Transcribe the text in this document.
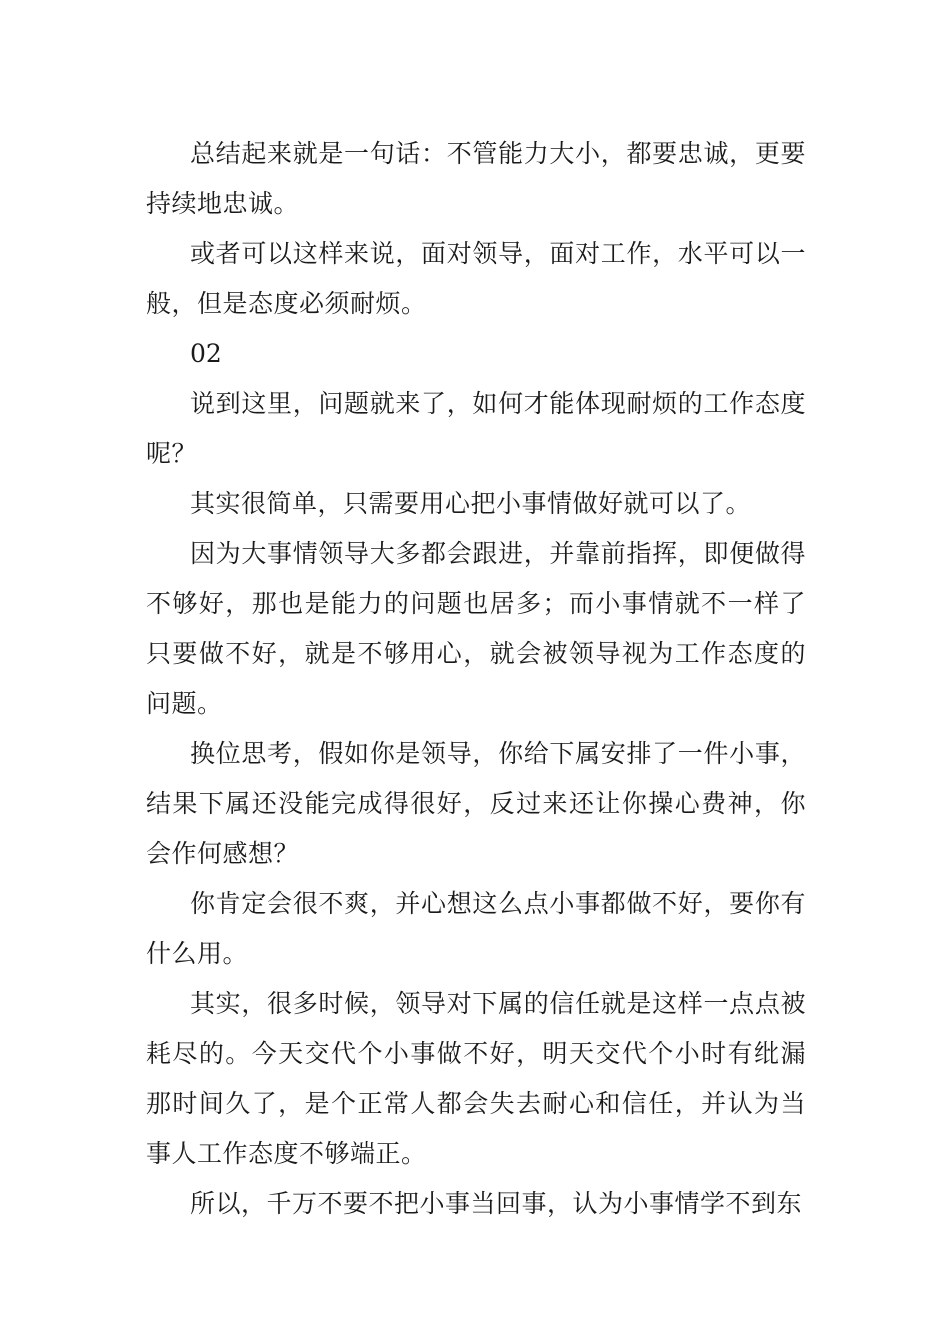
总结起来就是一句话：不管能力大小，都要忠诚，更要持续地忠诚。

或者可以这样来说，面对领导，面对工作，水平可以一般，但是态度必须耐烦。

02

说到这里，问题就来了，如何才能体现耐烦的工作态度呢？

其实很简单，只需要用心把小事情做好就可以了。

因为大事情领导大多都会跟进，并靠前指挥，即便做得不够好，那也是能力的问题也居多；而小事情就不一样了只要做不好，就是不够用心，就会被领导视为工作态度的问题。

换位思考，假如你是领导，你给下属安排了一件小事，结果下属还没能完成得很好，反过来还让你操心费神，你会作何感想？

你肯定会很不爽，并心想这么点小事都做不好，要你有什么用。

其实，很多时候，领导对下属的信任就是这样一点点被耗尽的。今天交代个小事做不好，明天交代个小时有纰漏那时间久了，是个正常人都会失去耐心和信任，并认为当事人工作态度不够端正。

所以，千万不要不把小事当回事，认为小事情学不到东
